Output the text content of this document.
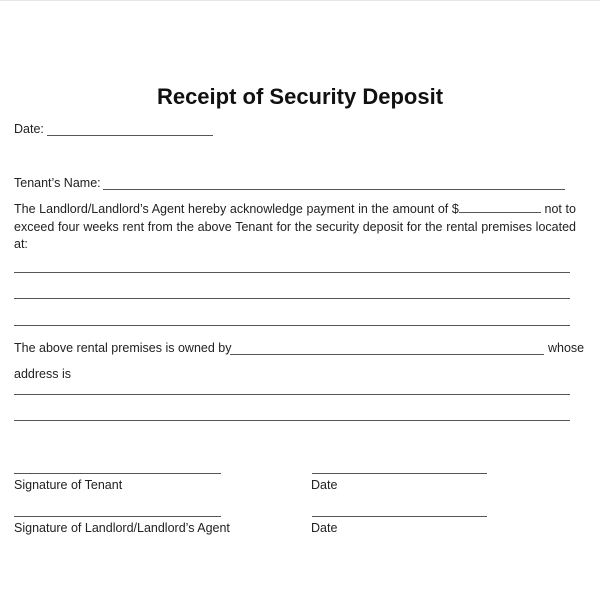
Receipt of Security Deposit
Date:
Tenant’s Name:
The Landlord/Landlord’s Agent hereby acknowledge payment in the amount of $	not to exceed four weeks rent from the above Tenant for the security deposit for the rental premises located at:
The above rental premises is owned by	whose
address is
Signature of Tenant	Date
Signature of Landlord/Landlord’s Agent	Date
